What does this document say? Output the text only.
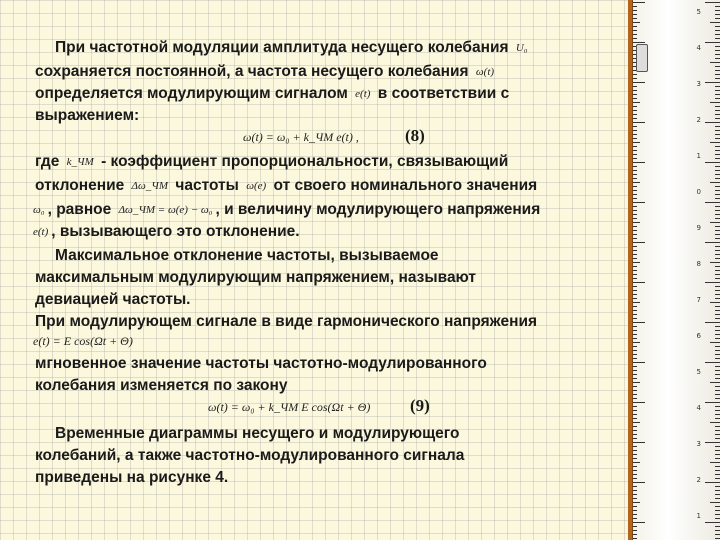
При частотной модуляции амплитуда несущего колебания U₀
сохраняется постоянной, а частота несущего колебания ω(t)
определяется модулирующим сигналом e(t) в соответствии с
выражением:
ω(t) = ω₀ + k_ЧМ e(t) ,	(8)
где k_ЧМ - коэффициент пропорциональности, связывающий
отклонение Δω_ЧМ частоты ω(e) от своего номинального значения
ω₀ , равное Δω_ЧМ = ω(e) − ω₀ , и величину модулирующего напряжения
e(t) , вызывающего это отклонение.
Максимальное отклонение частоты, вызываемое
максимальным модулирующим напряжением, называют
девиацией частоты.
При модулирующем сигнале в виде гармонического напряжения
e(t) = E cos(Ωt + Θ)
мгновенное значение частоты частотно-модулированного
колебания изменяется по закону
ω(t) = ω₀ + k_ЧМ E cos(Ωt + Θ) (9)
Временные диаграммы несущего и модулирующего
колебаний, а также частотно-модулированного сигнала
приведены на рисунке 4.
5
4
3
2
1
0
9
8
7
6
5
4
3
2
1
